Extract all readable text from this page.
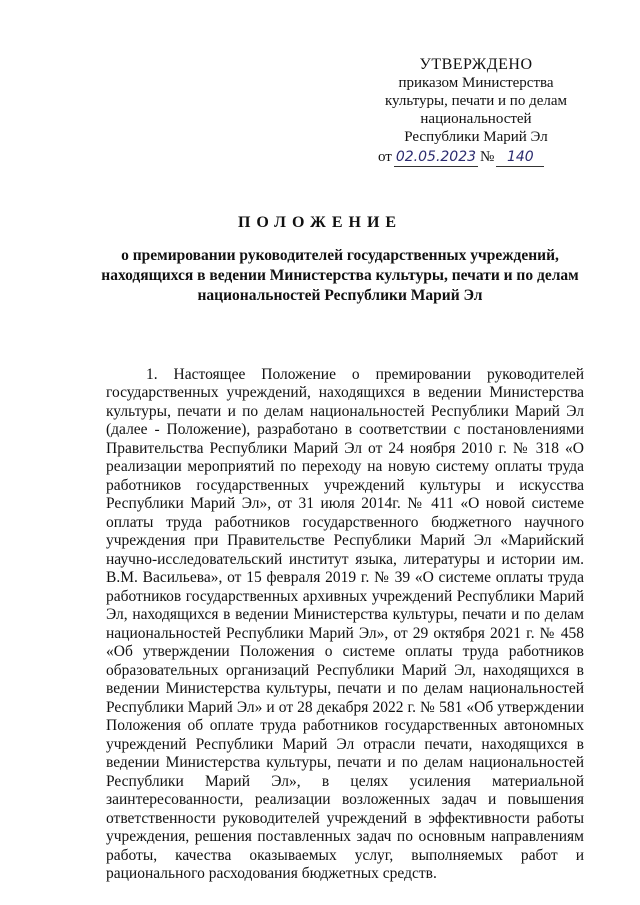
УТВЕРЖДЕНО
приказом Министерства
культуры, печати и по делам
национальностей
Республики Марий Эл
от 02.05.2023 № 140
ПОЛОЖЕНИЕ
о премировании руководителей государственных учреждений, находящихся в ведении Министерства культуры, печати и по делам национальностей Республики Марий Эл

1. Настоящее Положение о премировании руководителей государственных учреждений, находящихся в ведении Министерства культуры, печати и по делам национальностей Республики Марий Эл (далее - Положение), разработано в соответствии с постановлениями Правительства Республики Марий Эл от 24 ноября 2010 г. № 318 «О реализации мероприятий по переходу на новую систему оплаты труда работников государственных учреждений культуры и искусства Республики Марий Эл», от 31 июля 2014г. № 411 «О новой системе оплаты труда работников государственного бюджетного научного учреждения при Правительстве Республики Марий Эл «Марийский научно-исследовательский институт языка, литературы и истории им. В.М. Васильева», от 15 февраля 2019 г. № 39 «О системе оплаты труда работников государственных архивных учреждений Республики Марий Эл, находящихся в ведении Министерства культуры, печати и по делам национальностей Республики Марий Эл», от 29 октября 2021 г. № 458 «Об утверждении Положения о системе оплаты труда работников образовательных организаций Республики Марий Эл, находящихся в ведении Министерства культуры, печати и по делам национальностей Республики Марий Эл» и от 28 декабря 2022 г. № 581 «Об утверждении Положения об оплате труда работников государственных автономных учреждений Республики Марий Эл отрасли печати, находящихся в ведении Министерства культуры, печати и по делам национальностей Республики Марий Эл», в целях усиления материальной заинтересованности, реализации возложенных задач и повышения ответственности руководителей учреждений в эффективности работы учреждения, решения поставленных задач по основным направлениям работы, качества оказываемых услуг, выполняемых работ и рационального расходования бюджетных средств.
